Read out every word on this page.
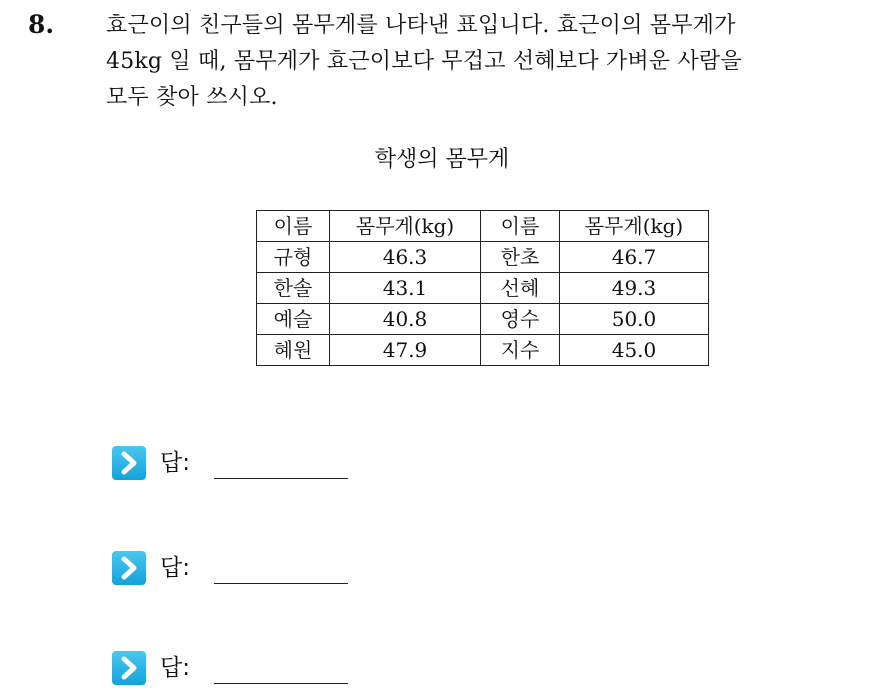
8. 효근이의 친구들의 몸무게를 나타낸 표입니다. 효근이의 몸무게가
45kg 일 때, 몸무게가 효근이보다 무겁고 선혜보다 가벼운 사람을
모두 찾아 쓰시오.
학생의 몸무게
이름	몸무게(kg)	이름	몸무게(kg)
규형	46.3	한초	46.7
한솔	43.1	선혜	49.3
예슬	40.8	영수	50.0
혜원	47.9	지수	45.0
답:
답:
답:
